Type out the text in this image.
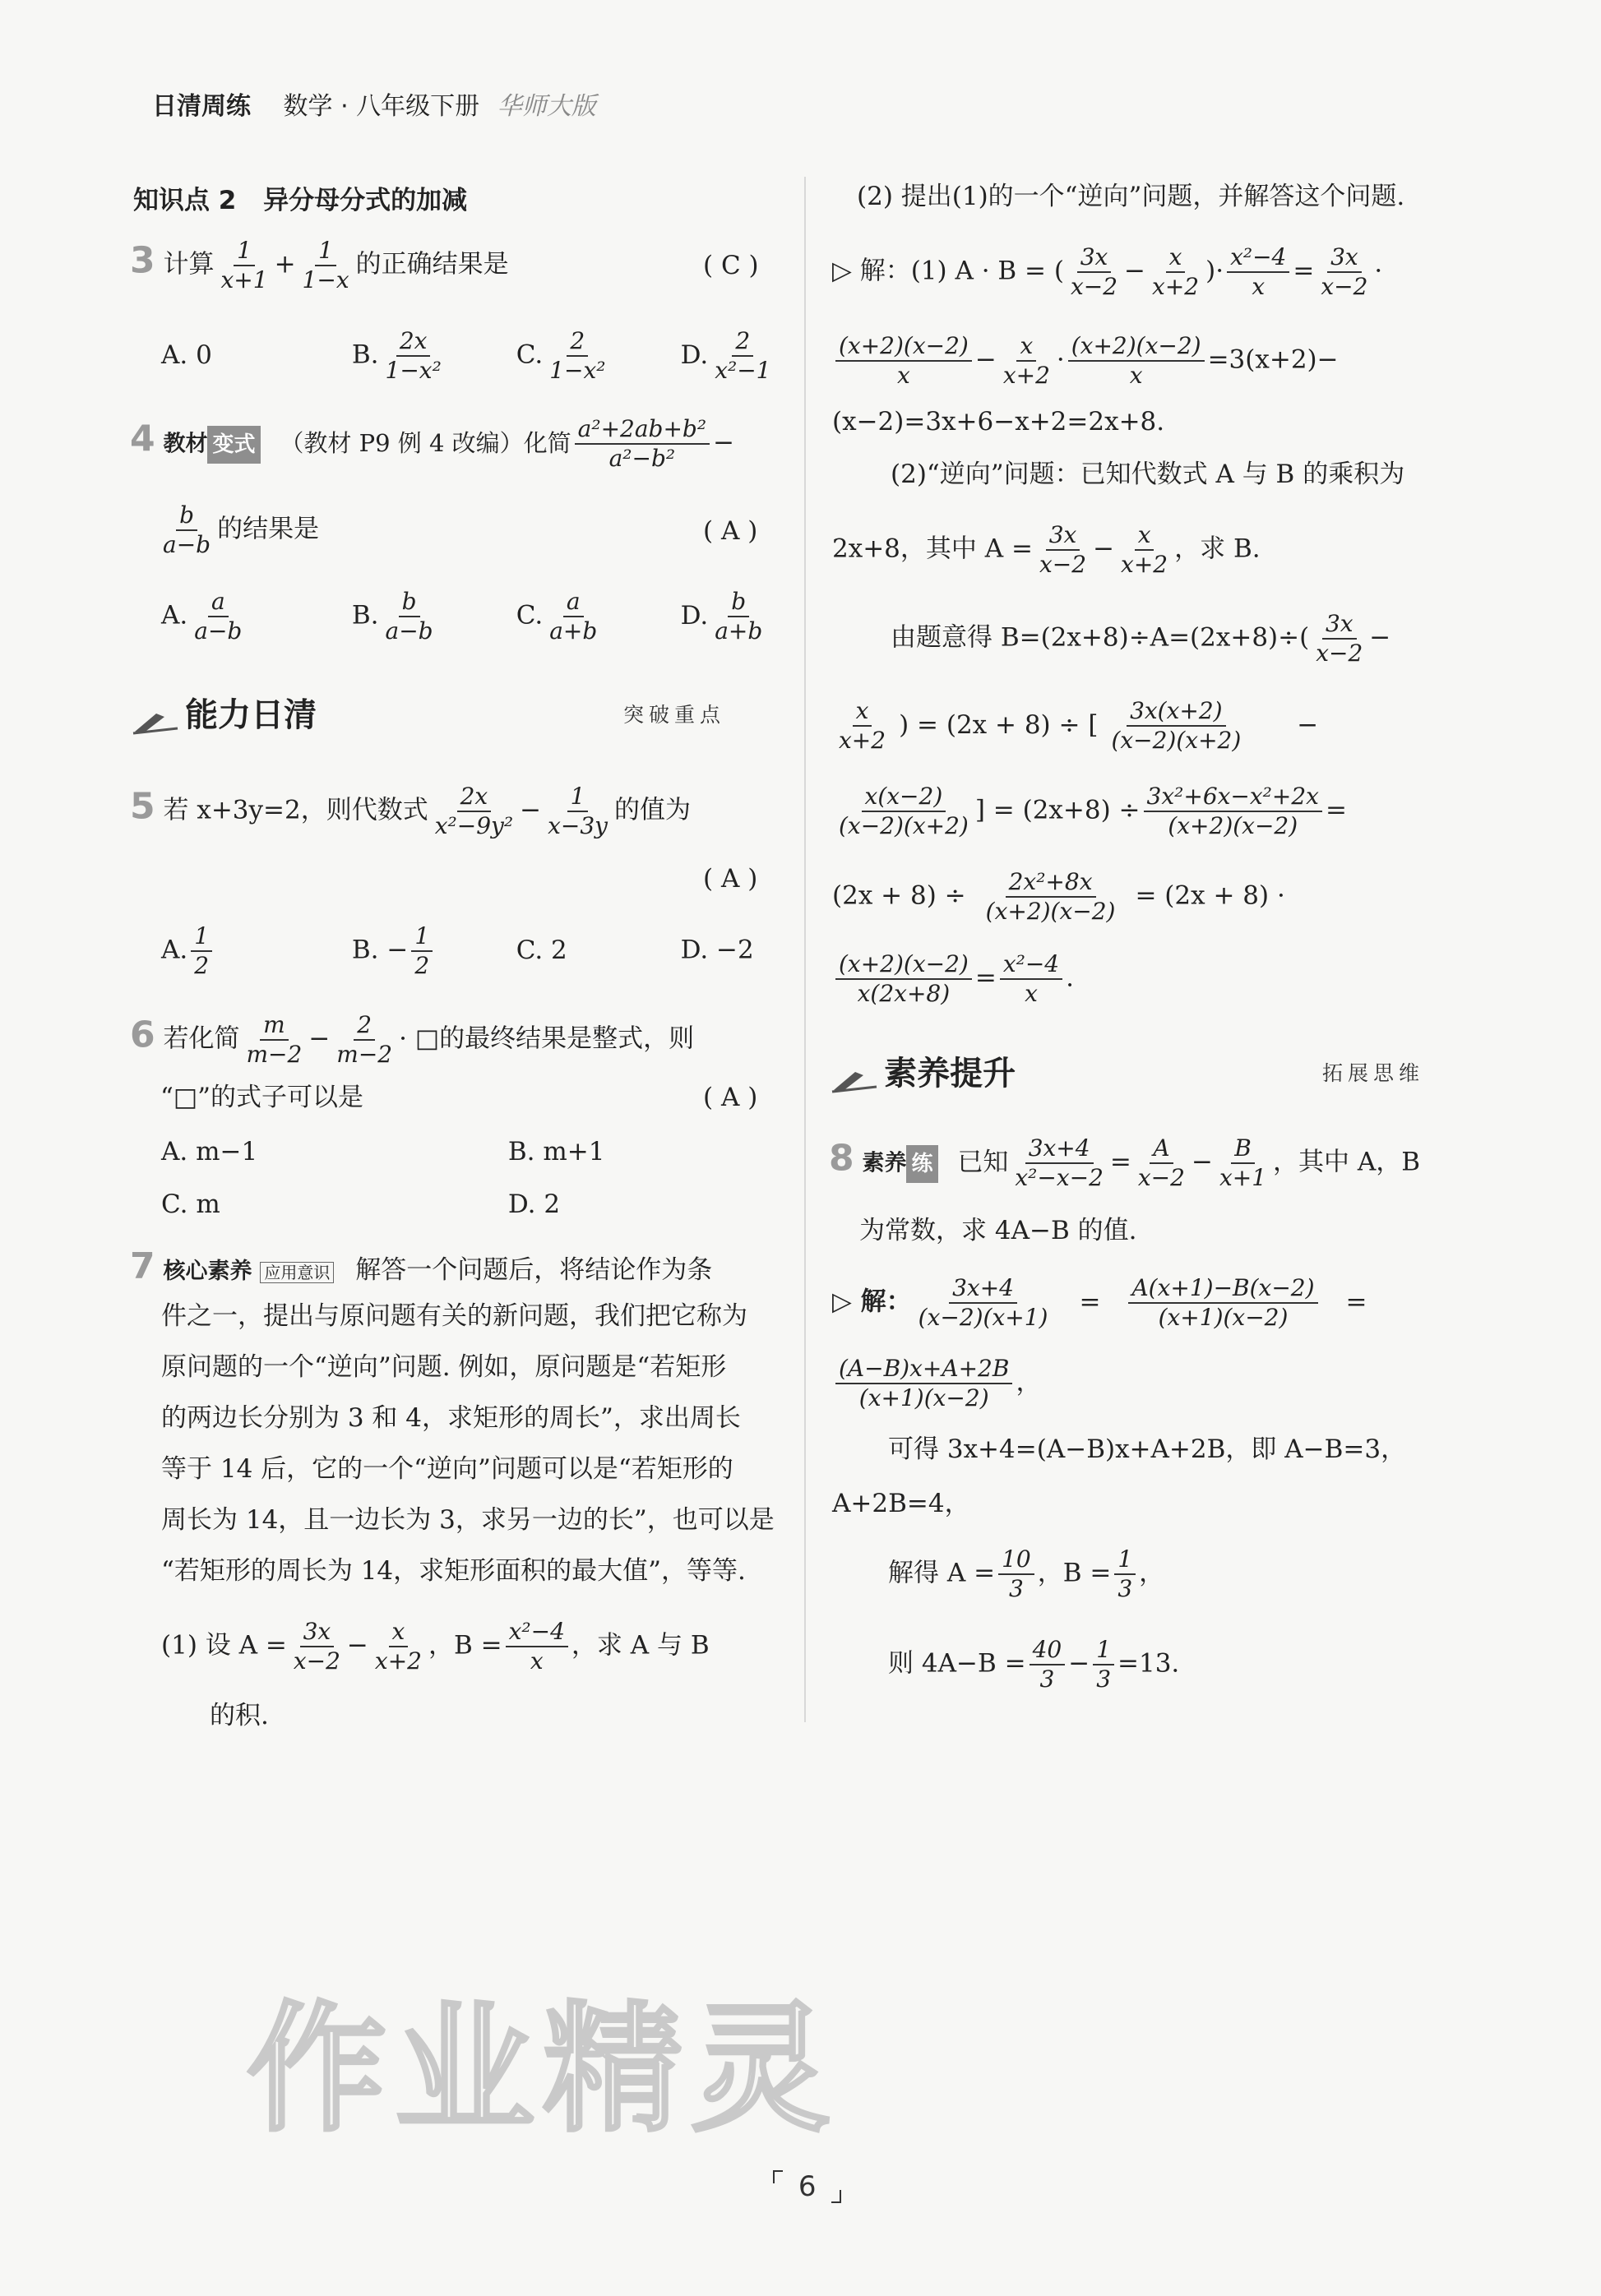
日清周练 数学 · 八年级下册 华师大版
知识点 2 异分母分式的加减
3 计算 $\frac{1}{x+1} + \frac{1}{1-x}$ 的正确结果是	( C )
A. 0	B. $\frac{2x}{\text{1−x²}}$	C. $\frac{2}{\text{1−x²}}$	D. $\frac{2}{\text{x²−1}}$
4 教材 变式 （教材 P9 例 4 改编）化简 $\frac{\text{a²+2ab+b²}}{\text{a²−b²}}$ −
$\frac{b}{a-b}$ 的结果是	( A )
A. $\frac{a}{a-b}$	B. $\frac{b}{a-b}$	C. $\frac{a}{a+b}$	D. $\frac{b}{a+b}$
能力日清	突破重点
5 若 x+3y=2，则代数式 $\frac{2x}{\text{x²−9y²}} - \frac{1}{x-3y}$ 的值为
( A )
A. $\frac{1}{2}$	B. − $\frac{1}{2}$	C. 2	D. −2
6 若化简 $\frac{m}{m-2} - \frac{2}{m-2}$ · □的最终结果是整式，则
“□”的式子可以是	( A )
A. m−1	B. m+1
C. m	D. 2
7 核心素养 应用意识 解答一个问题后，将结论作为条
件之一，提出与原问题有关的新问题，我们把它称为
原问题的一个“逆向”问题. 例如，原问题是“若矩形
的两边长分别为 3 和 4，求矩形的周长”，求出周长
等于 14 后，它的一个“逆向”问题可以是“若矩形的
周长为 14，且一边长为 3，求另一边的长”，也可以是
“若矩形的周长为 14，求矩形面积的最大值”，等等.
(1) 设 $A = \frac{3x}{x-2} - \frac{x}{x+2}$ ，$B = \frac{\text{x²−4}}{x}$ ，求 A 与 B
的积.
(2) 提出(1)的一个“逆向”问题，并解答这个问题.
▷ 解：(1) A · B = ( $\frac{3x}{x-2} - \frac{x}{x+2}$ )· $\frac{\text{x²−4}}{x} = \frac{3x}{x-2}$ ·
$\frac{(x+2)(x-2)}{x} - \frac{x}{x+2} \cdot \frac{(x+2)(x-2)}{x} =3(x+2)-$
(x−2)=3x+6−x+2=2x+8.
(2)“逆向”问题：已知代数式 A 与 B 的乘积为
2x+8，其中 $A = \frac{3x}{x-2} - \frac{x}{x+2}$ ，求 B.
由题意得 $B=(2x+8)\div A=(2x+8)\div( \frac{3x}{x-2}$ −
$\frac{x}{x+2}$ ) = (2x + 8) ÷ [ $\frac{3x(x+2)}{(x-2)(x+2)}$ −
$\frac{x(x-2)}{(x-2)(x+2)}$ ] = $(2x+8) \div \frac{\text{3x²+6x−x²+2x}}{(x+2)(x-2)}$ =
$(2x + 8) \div \frac{\text{2x²+8x}}{(x+2)(x-2)} = (2x + 8)$ ·
$\frac{(x+2)(x-2)}{x(2x+8)} = \frac{\text{x²−4}}{x}$ .
素养提升	拓展思维
8 素养 练 已知 $\frac{3x+4}{\text{x²−x−2}} = \frac{A}{x-2} - \frac{B}{x+1}$ ，其中 A，B
为常数，求 4A−B 的值.
▷ 解： $\frac{3x+4}{(x-2)(x+1)} = \frac{A(x+1)-B(x-2)}{(x+1)(x-2)}$ =
$\frac{(A-B)x+A+2B}{(x+1)(x-2)}$ ，
可得 3x+4=(A−B)x+A+2B，即 A−B=3，
A+2B=4，
解得 $A = \frac{10}{3}$ ，$B = \frac{1}{3}$ ，
则 $4A-B = \frac{40}{3} - \frac{1}{3} =13$.
作业精灵
6
